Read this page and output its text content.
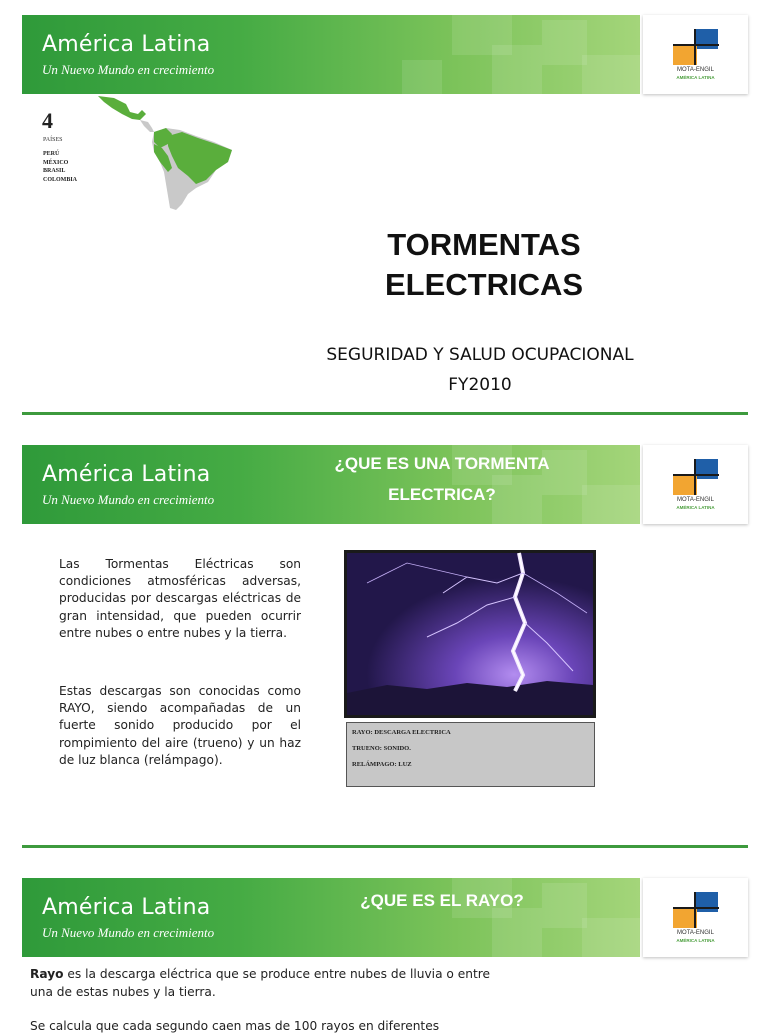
América Latina
Un Nuevo Mundo en crecimiento	MOTA-ENGIL
AMÉRICA LATINA
4
PAÍSES
PERÚ
MÉXICO
BRASIL
COLOMBIA
TORMENTAS
ELECTRICAS
SEGURIDAD Y SALUD OCUPACIONAL
FY2010
América Latina
Un Nuevo Mundo en crecimiento
¿QUE ES UNA TORMENTA
ELECTRICA?	MOTA-ENGIL
AMÉRICA LATINA
Las Tormentas Eléctricas son condiciones atmosféricas adversas, producidas por descargas eléctricas de gran intensidad, que pueden ocurrir entre nubes o entre nubes y la tierra.
Estas descargas son conocidas como RAYO, siendo acompañadas de un fuerte sonido producido por el rompimiento del aire (trueno) y un haz de luz blanca (relámpago).
RAYO: DESCARGA ELECTRICA
TRUENO: SONIDO.
RELÁMPAGO: LUZ
América Latina
Un Nuevo Mundo en crecimiento
¿QUE ES EL RAYO?
MOTA-ENGIL
AMÉRICA LATINA
Rayo es la descarga eléctrica que se produce entre nubes de lluvia o entre una de estas nubes y la tierra.
Se calcula que cada segundo caen mas de 100 rayos en diferentes
